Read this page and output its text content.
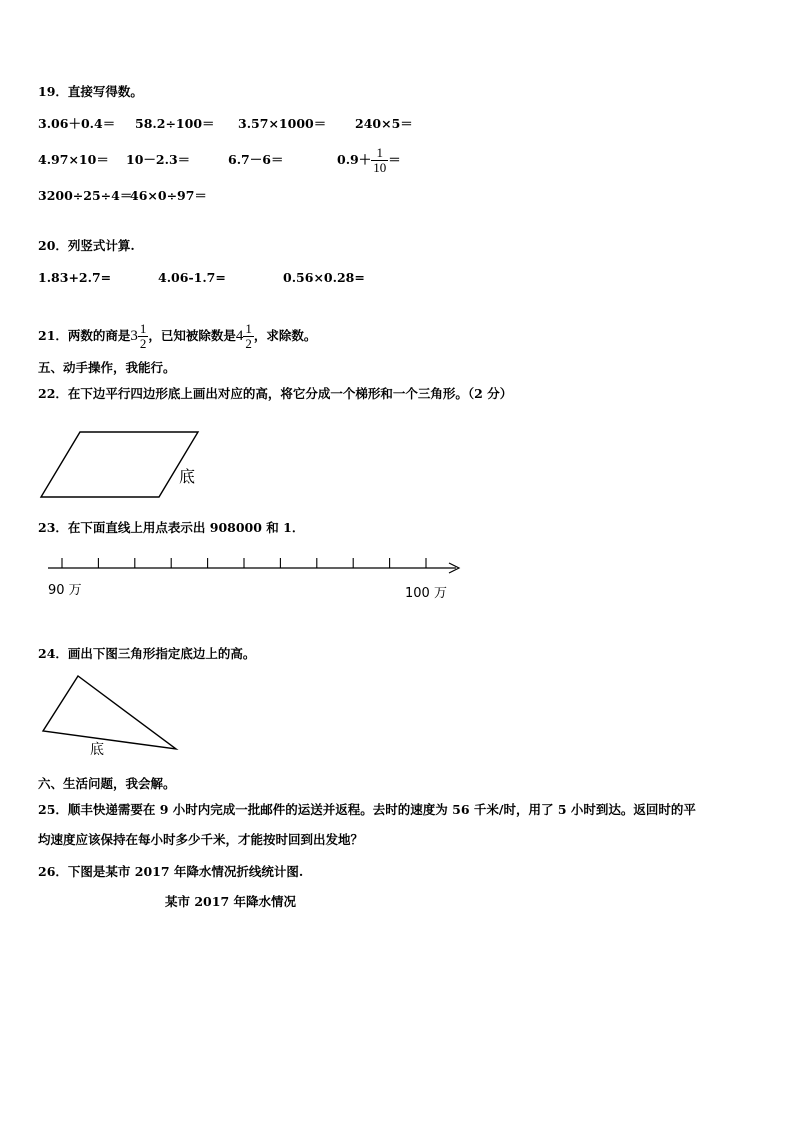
19．直接写得数。
3.06＋0.4＝ 58.2÷100＝ 3.57×1000＝ 240×5＝
4.97×10＝ 10－2.3＝	6.7－6＝	$0.9+ \frac{1}{10}$ ＝
3200÷25÷4＝
46×0÷97＝
20．列竖式计算.
1.83+2.7=	4.06-1.7=	0.56×0.28=
21．两数的商是 $3 \frac{1}{2}$ ，已知被除数是 $4 \frac{1}{2}$ ，求除数。
五、动手操作，我能行。
22．在下边平行四边形底上画出对应的高，将它分成一个梯形和一个三角形。（2 分）
底
23．在下面直线上用点表示出 908000 和 1．
90 万	100 万
24．画出下图三角形指定底边上的高。
底
六、生活问题，我会解。
25．顺丰快递需要在 9 小时内完成一批邮件的运送并返程。去时的速度为 56 千米/时，用了 5 小时到达。返回时的平
均速度应该保持在每小时多少千米，才能按时回到出发地？
26．下图是某市 2017 年降水情况折线统计图.
某市 2017 年降水情况
